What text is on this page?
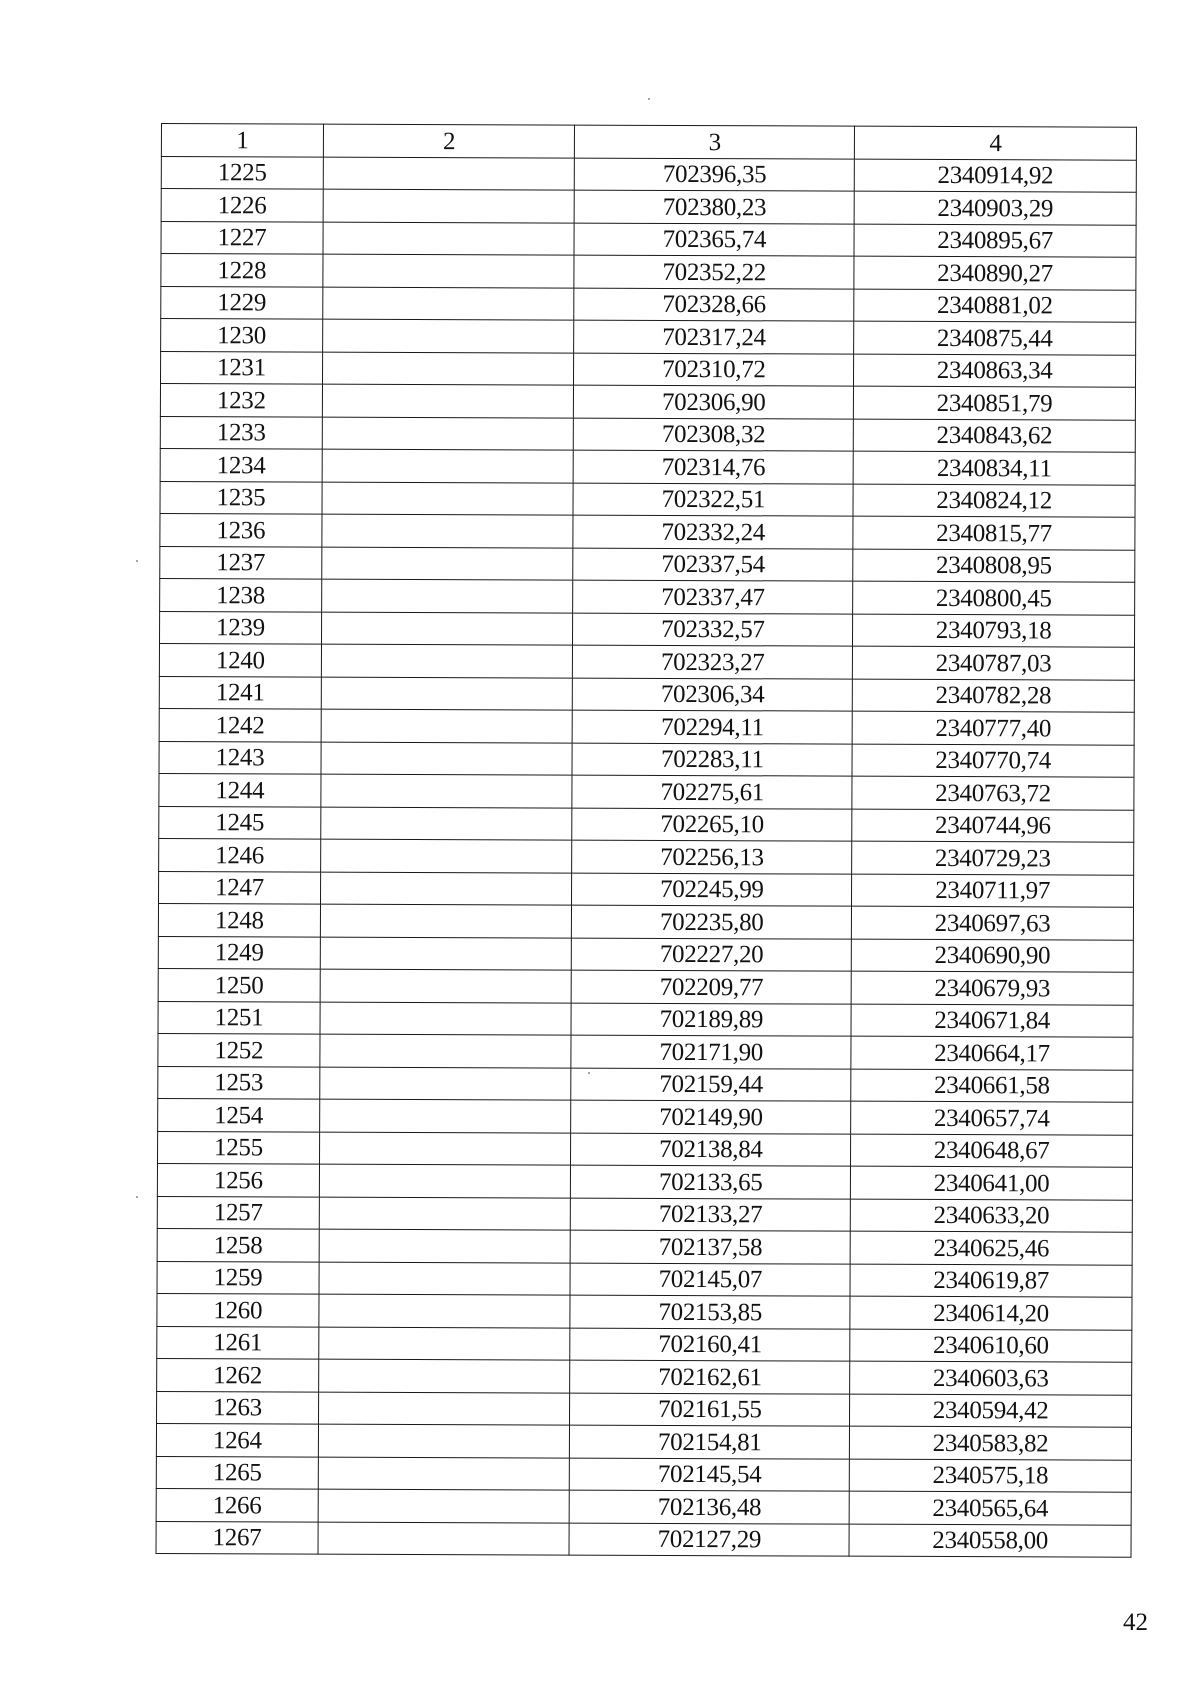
1	2	3	4
1225		702396,35	2340914,92
1226		702380,23	2340903,29
1227		702365,74	2340895,67
1228		702352,22	2340890,27
1229		702328,66	2340881,02
1230		702317,24	2340875,44
1231		702310,72	2340863,34
1232		702306,90	2340851,79
1233		702308,32	2340843,62
1234		702314,76	2340834,11
1235		702322,51	2340824,12
1236		702332,24	2340815,77
1237		702337,54	2340808,95
1238		702337,47	2340800,45
1239		702332,57	2340793,18
1240		702323,27	2340787,03
1241		702306,34	2340782,28
1242		702294,11	2340777,40
1243		702283,11	2340770,74
1244		702275,61	2340763,72
1245		702265,10	2340744,96
1246		702256,13	2340729,23
1247		702245,99	2340711,97
1248		702235,80	2340697,63
1249		702227,20	2340690,90
1250		702209,77	2340679,93
1251		702189,89	2340671,84
1252		702171,90	2340664,17
1253		702159,44	2340661,58
1254		702149,90	2340657,74
1255		702138,84	2340648,67
1256		702133,65	2340641,00
1257		702133,27	2340633,20
1258		702137,58	2340625,46
1259		702145,07	2340619,87
1260		702153,85	2340614,20
1261		702160,41	2340610,60
1262		702162,61	2340603,63
1263		702161,55	2340594,42
1264		702154,81	2340583,82
1265		702145,54	2340575,18
1266		702136,48	2340565,64
1267		702127,29	2340558,00
42
